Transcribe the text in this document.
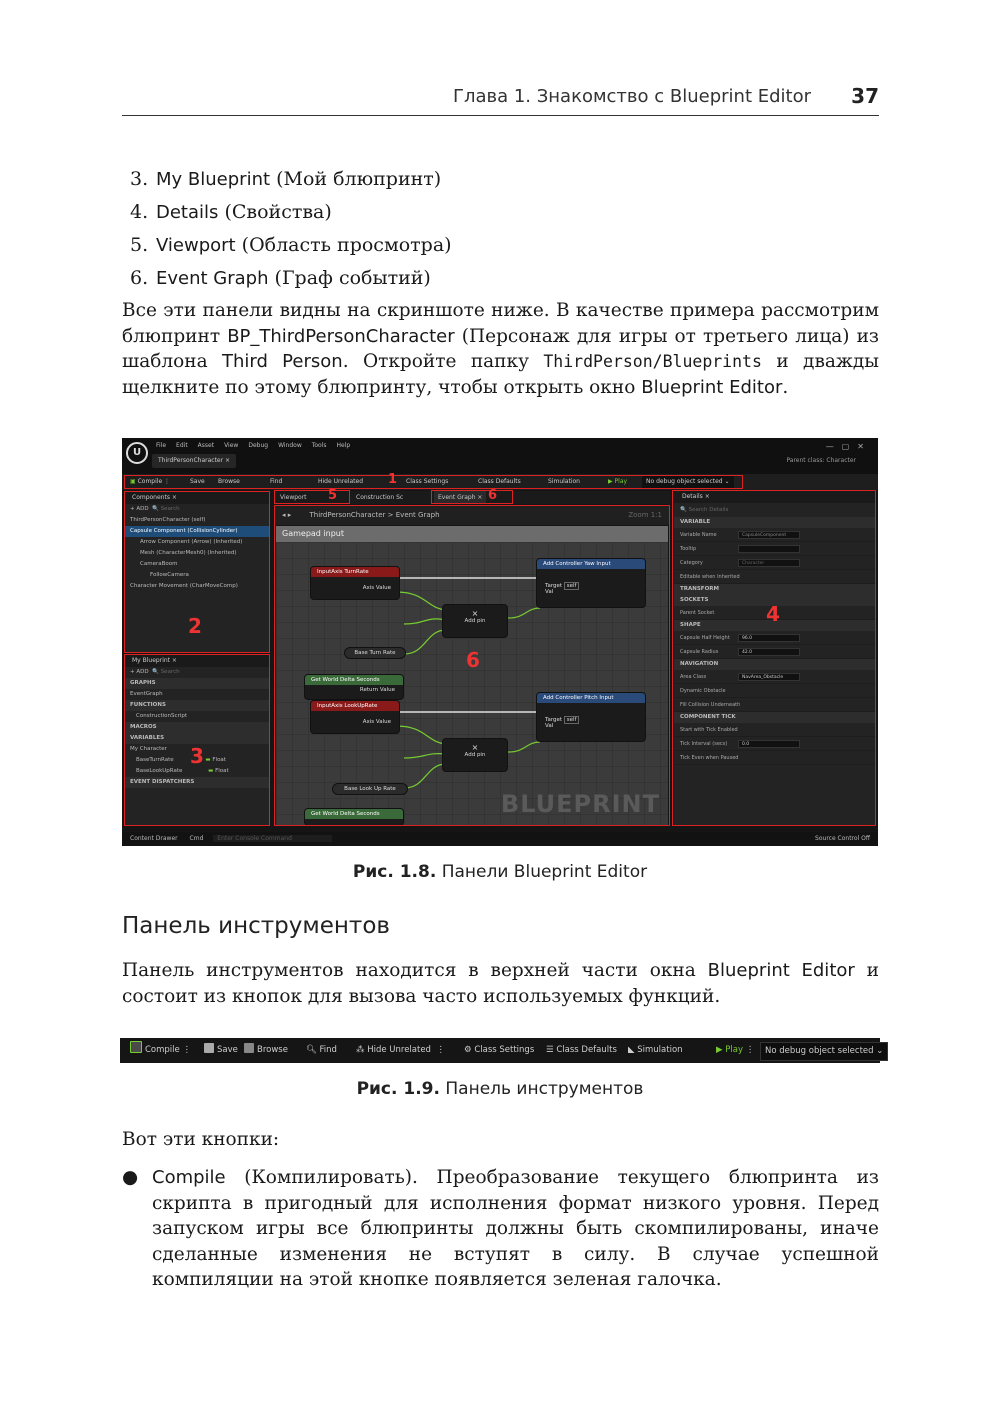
Глава 1. Знакомство с Blueprint Editor 37
3. My Blueprint (Мой блюпринт)
4. Details (Свойства)
5. Viewport (Область просмотра)
6. Event Graph (Граф событий)

Все эти панели видны на скриншоте ниже. В качестве примера рассмотрим блюпринт BP_ThirdPersonCharacter (Персонаж для игры от третьего лица) из шаблона Third Person. Откройте папку ThirdPerson/Blueprints и дважды щелкните по этому блюпринту, чтобы открыть окно Blueprint Editor.

U
File Edit Asset View Debug Window Tools Help
ThirdPersonCharacter ×	Parent class: Character
—▢✕
▣ Compile ⋮	Save Browse	Find	Hide Unrelated	Class Settings	Class Defaults	Simulation	▶ Play	No debug object selected ⌄
1
Components ×
+ ADD  🔍 Search
ThirdPersonCharacter (self)
Capsule Component (CollisionCylinder)
Arrow Component (Arrow) (Inherited)
Mesh (CharacterMesh0) (Inherited)
CameraBoom
FollowCamera
Character Movement (CharMoveComp)
2
My Blueprint ×
+ ADD  🔍 Search
GRAPHS
EventGraph
FUNCTIONS
ConstructionScript
MACROS
VARIABLES
My Character
BaseTurnRate	▬ Float
BaseLookUpRate	▬ Float
EVENT DISPATCHERS
3
Viewport	Construction Sc	Event Graph ×
5	6
◂ ▸	ThirdPersonCharacter > Event Graph	Zoom 1:1
Gamepad input
InputAxis TurnRate
Axis Value
Add Controller Yaw Input
Target self
Val
Base Turn Rate
Get World Delta Seconds
Return Value
×
Add pin
InputAxis LookUpRate
Axis Value
Add Controller Pitch Input
Target self
Val
Base Look Up Rate
Get World Delta Seconds
×
Add pin
BLUEPRINT
6
Details ×
🔍 Search Details
VARIABLE
Variable Name	CapsuleComponent
Tooltip
Category	Character
Editable when Inherited
TRANSFORM
SOCKETS
Parent Socket
SHAPE
Capsule Half Height	96.0
Capsule Radius	42.0
NAVIGATION
Area Class	NavArea_Obstacle
Dynamic Obstacle
Fill Collision Underneath
COMPONENT TICK
Start with Tick Enabled
Tick Interval (secs)	0.0
Tick Even when Paused
4
Content Drawer Cmd Enter Console Command	Source Control Off
Рис. 1.8. Панели Blueprint Editor
Панель инструментов

Панель инструментов находится в верхней части окна Blueprint Editor и состоит из кнопок для вызова часто используемых функций.

Compile ⋮	Save	Browse 🔍︎ Find ⁂ Hide Unrelated  ⋮ ⚙ Class Settings ☰ Class Defaults ◣ Simulation	▶ Play ⋮	No debug object selected ⌄
Рис. 1.9. Панель инструментов

Вот эти кнопки:

● Compile (Компилировать). Преобразование текущего блюпринта из скрипта в пригодный для исполнения формат низкого уровня. Перед запуском игры все блюпринты должны быть скомпилированы, иначе сделанные изменения не вступят в силу. В случае успешной компиляции на этой кнопке появляется зеленая галочка.
